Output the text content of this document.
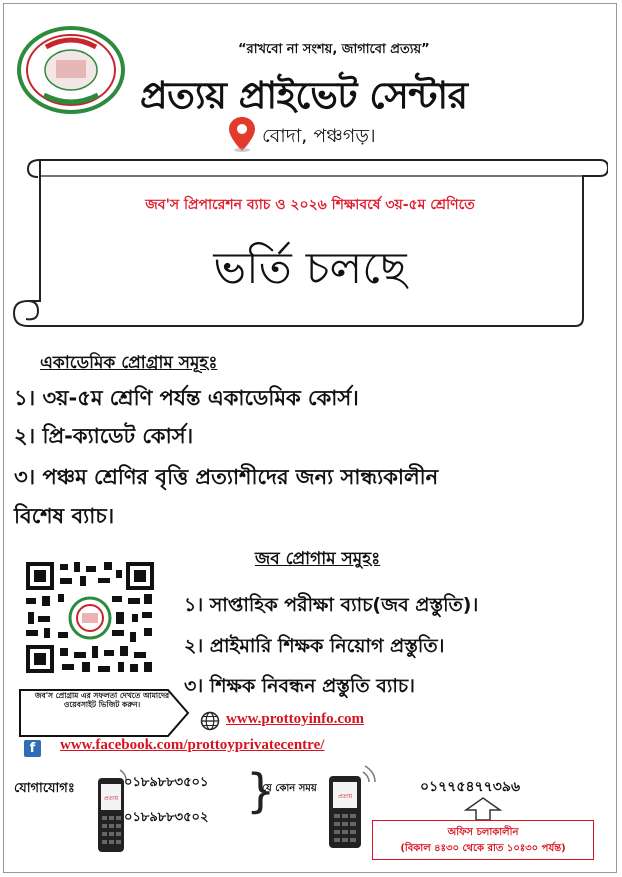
“রাখবো না সংশয়, জাগাবো প্রত্যয়”
প্রত্যয় প্রাইভেট সেন্টার
বোদা, পঞ্চগড়।
জব'স প্রিপারেশন ব্যাচ ও ২০২৬ শিক্ষাবর্ষে ৩য়-৫ম শ্রেণিতে
ভর্তি চলছে
একাডেমিক প্রোগ্রাম সমূহঃ
১। ৩য়-৫ম শ্রেণি পর্যন্ত একাডেমিক কোর্স।
২। প্রি-ক্যাডেট কোর্স।
৩। পঞ্চম শ্রেণির বৃত্তি প্রত্যাশীদের জন্য সান্ধ্যকালীন
বিশেষ ব্যাচ।
জব প্রোগাম সমুহঃ
১। সাপ্তাহিক পরীক্ষা ব্যাচ(জব প্রস্তুতি)।
২। প্রাইমারি শিক্ষক নিয়োগ প্রস্তুতি।
৩। শিক্ষক নিবন্ধন প্রস্তুতি ব্যাচ।
জব'স প্রোগ্রাম এর সফলতা দেখতে আমাদের ওয়েবসাইট ভিজিট করুন।
www.prottoyinfo.com
f	www.facebook.com/prottoyprivatecentre/
যোগাযোগঃ
প্রত্যয়
০১৮৯৮৮৩৫০১
০১৮৯৮৮৩৫০২ }
যে কোন সময়
প্রত্যয়
০১৭৭৫৪৭৭৩৯৬
অফিস চলাকালীন
(বিকাল ৪ঃ৩০ থেকে রাত ১০ঃ৩০ পর্যন্ত)
